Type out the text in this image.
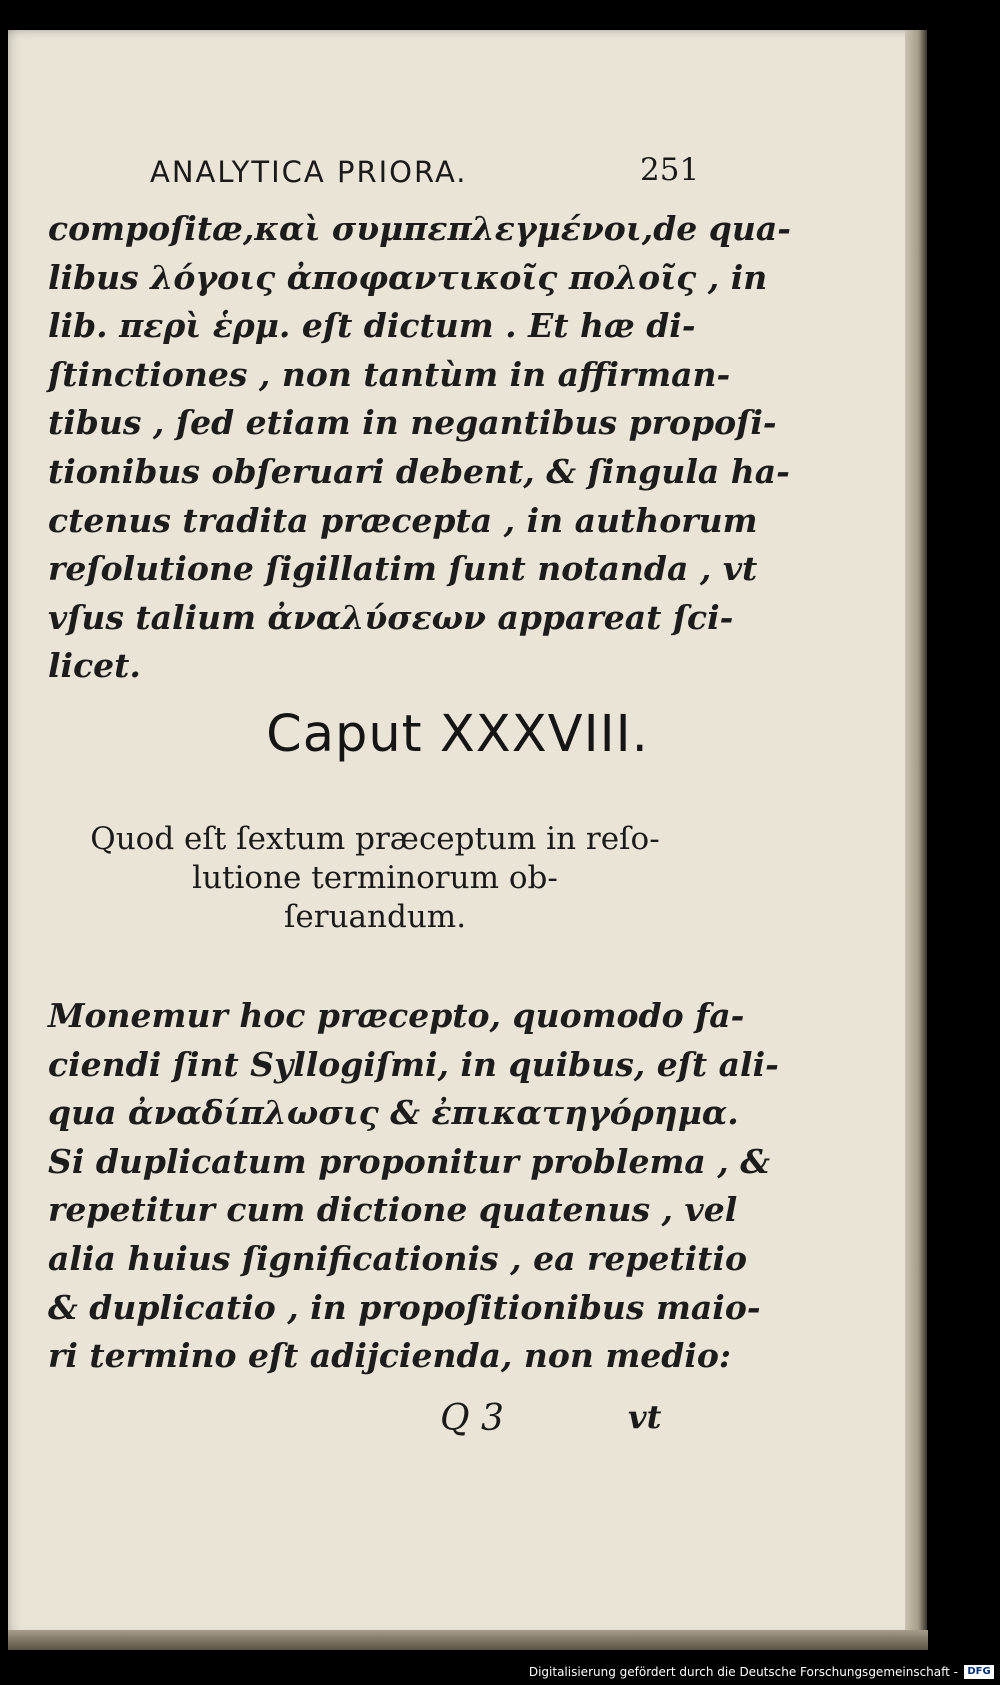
ANALYTICA PRIORA.	251
compoſitæ,καὶ συμπεπλεγμένοι,de qua-
libus λόγοις ἀποφαντικοῖς πολοῖς , in
lib. περὶ ἑρμ. eſt dictum . Et hæ di-
ſtinctiones , non tantùm in affirman-
tibus , ſed etiam in negantibus propoſi-
tionibus obſeruari debent, & ſingula ha-
ctenus tradita præcepta , in authorum
reſolutione ſigillatim ſunt notanda , vt
vſus talium ἀναλύσεων appareat ſci-
licet.
Caput XXXVIII.
Quod eſt ſextum præceptum in reſo-
lutione terminorum ob-
ſeruandum.
Monemur hoc præcepto, quomodo fa-
ciendi ſint Syllogiſmi, in quibus, eſt ali-
qua ἀναδίπλωσις & ἐπικατηγόρημα.
Si duplicatum proponitur problema , &
repetitur cum dictione quatenus , vel
alia huius ſignificationis , ea repetitio
& duplicatio , in propoſitionibus maio-
ri termino eſt adijcienda, non medio:
Q 3	vt
Digitalisierung gefördert durch die Deutsche Forschungsgemeinschaft - DFG
